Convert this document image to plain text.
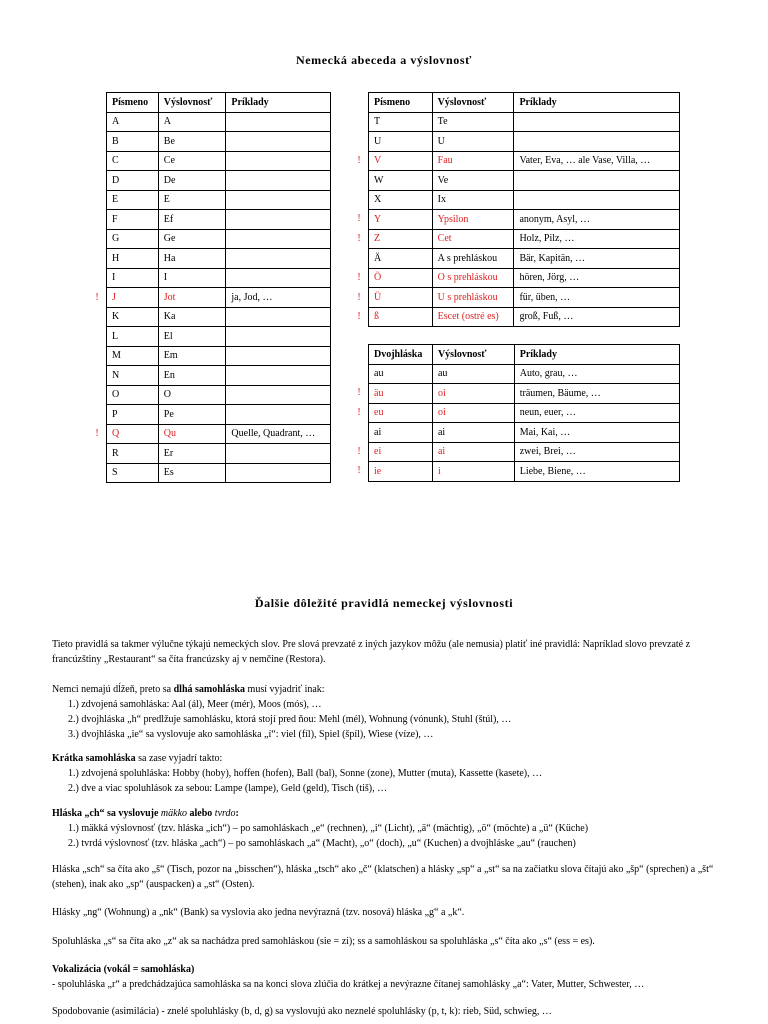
Nemecká abeceda a výslovnosť
Písmeno	Výslovnosť	Príklady
A	A	
B	Be	
C	Ce	
D	De	
E	E	
F	Ef	
G	Ge	
H	Ha	
I	I	
J	Jot	ja, Jod, …
K	Ka	
L	El	
M	Em	
N	En	
O	O	
P	Pe	
Q	Qu	Quelle, Quadrant, …
R	Er	
S	Es	
Písmeno	Výslovnosť	Príklady
T	Te	
U	U	
V	Fau	Vater, Eva, … ale Vase, Villa, …
W	Ve	
X	Ix	
Y	Ypsilon	anonym, Asyl, …
Z	Cet	Holz, Pilz, …
Ä	A s prehláskou	Bär, Kapitän, …
Ö	O s prehláskou	hören, Jörg, …
Ü	U s prehláskou	für, üben, …
ß	Escet (ostré es)	groß, Fuß, …
Dvojhláska	Výslovnosť	Príklady
au	au	Auto, grau, …
äu	oi	träumen, Bäume, …
eu	oi	neun, euer, …
ai	ai	Mai, Kai, …
ei	ai	zwei, Brei, …
ie	i	Liebe, Biene, …
!
!
!
!
!
!
!
!
!
!
!
!
Ďalšie dôležité pravidlá nemeckej výslovnosti

Tieto pravidlá sa takmer výlučne týkajú nemeckých slov. Pre slová prevzaté z iných jazykov môžu (ale nemusia) platiť iné pravidlá: Napríklad slovo prevzaté z francúzštiny „Restaurant“ sa číta francúzsky aj v nemčine (Restora).

Nemci nemajú dĺžeň, preto sa dlhá samohláska musí vyjadriť inak:
1.) zdvojená samohláska: Aal (ál), Meer (mér), Moos (mós), …
2.) dvojhláska „h“ predlžuje samohlásku, ktorá stojí pred ňou: Mehl (mél), Wohnung (vónunk), Stuhl (štúl), …
3.) dvojhláska „ie“ sa vyslovuje ako samohláska „í“: viel (fíl), Spiel (špíl), Wiese (víze), …
Krátka samohláska sa zase vyjadrí takto:
1.) zdvojená spoluhláska: Hobby (hoby), hoffen (hofen), Ball (bal), Sonne (zone), Mutter (muta), Kassette (kasete), …
2.) dve a viac spoluhlások za sebou: Lampe (lampe), Geld (geld), Tisch (tiš), …
Hláska „ch“ sa vyslovuje mäkko alebo tvrdo:
1.) mäkká výslovnosť (tzv. hláska „ich“) – po samohláskach „e“ (rechnen), „i“ (Licht), „ä“ (mächtig), „ö“ (möchte) a „ü“ (Küche)
2.) tvrdá výslovnosť (tzv. hláska „ach“) – po samohláskach „a“ (Macht), „o“ (doch), „u“ (Kuchen) a dvojhláske „au“ (rauchen)

Hláska „sch“ sa číta ako „š“ (Tisch, pozor na „bisschen“), hláska „tsch“ ako „č“ (klatschen) a hlásky „sp“ a „st“ sa na začiatku slova čítajú ako „šp“ (sprechen) a „št“ (stehen), inak ako „sp“ (auspacken) a „st“ (Osten).

Hlásky „ng“ (Wohnung) a „nk“ (Bank) sa vyslovia ako jedna nevýrazná (tzv. nosová) hláska „g“ a „k“.

Spoluhláska „s“ sa číta ako „z“ ak sa nachádza pred samohláskou (sie = zi); ss a samohláskou sa spoluhláska „s“ číta ako „s“ (ess = es).

Vokalizácia (vokál = samohláska)
- spoluhláska „r“ a predchádzajúca samohláska sa na konci slova zlúčia do krátkej a nevýrazne čítanej samohlásky „a“: Vater, Mutter, Schwester, …

Spodobovanie (asimilácia) - znelé spoluhlásky (b, d, g) sa vyslovujú ako neznelé spoluhlásky (p, t, k): rieb, Süd, schwieg, …
